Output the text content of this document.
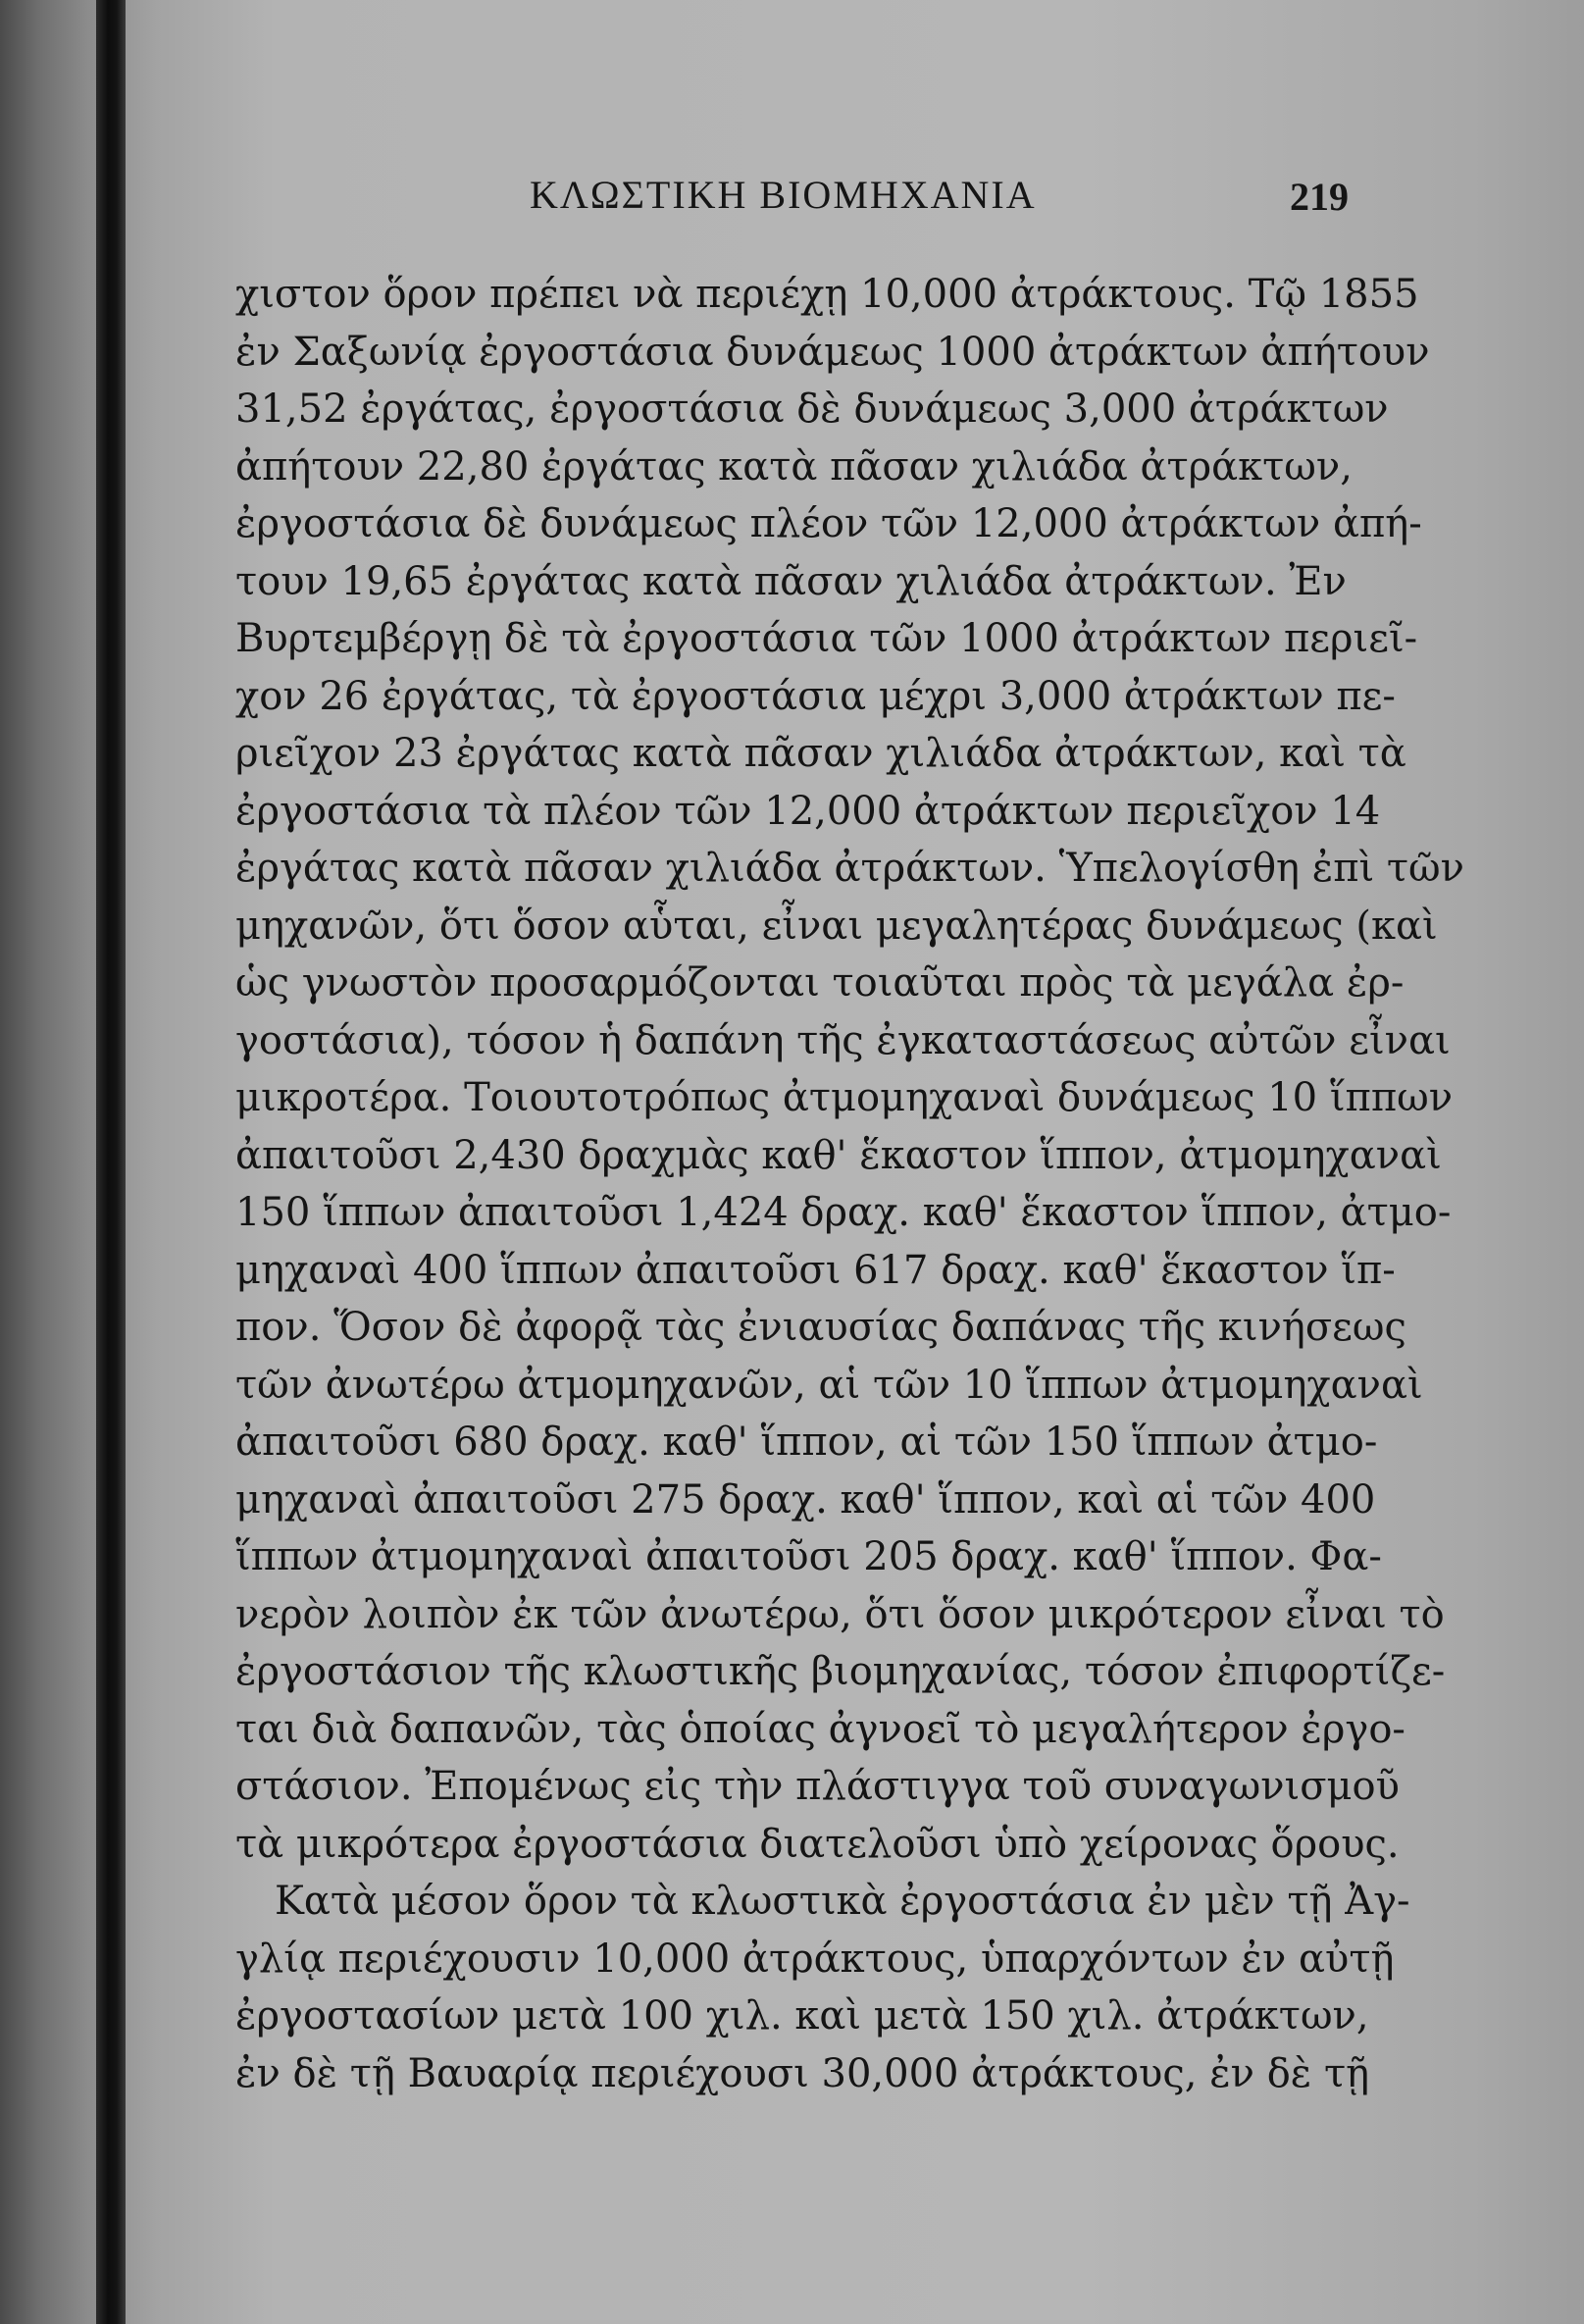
ΚΛΩΣΤΙΚΗ ΒΙΟΜΗΧΑΝΙΑ	219
χιστον ὅρον πρέπει νὰ περιέχῃ 10,000 ἀτράκτους. Τῷ 1855
ἐν Σαξωνίᾳ ἐργοστάσια δυνάμεως 1000 ἀτράκτων ἀπήτουν
31,52 ἐργάτας, ἐργοστάσια δὲ δυνάμεως 3,000 ἀτράκτων
ἀπήτουν 22,80 ἐργάτας κατὰ πᾶσαν χιλιάδα ἀτράκτων,
ἐργοστάσια δὲ δυνάμεως πλέον τῶν 12,000 ἀτράκτων ἀπή-
τουν 19,65 ἐργάτας κατὰ πᾶσαν χιλιάδα ἀτράκτων. Ἐν
Βυρτεμβέργῃ δὲ τὰ ἐργοστάσια τῶν 1000 ἀτράκτων περιεῖ-
χον 26 ἐργάτας, τὰ ἐργοστάσια μέχρι 3,000 ἀτράκτων πε-
ριεῖχον 23 ἐργάτας κατὰ πᾶσαν χιλιάδα ἀτράκτων, καὶ τὰ
ἐργοστάσια τὰ πλέον τῶν 12,000 ἀτράκτων περιεῖχον 14
ἐργάτας κατὰ πᾶσαν χιλιάδα ἀτράκτων. Ὑπελογίσθη ἐπὶ τῶν
μηχανῶν, ὅτι ὅσον αὗται, εἶναι μεγαλητέρας δυνάμεως (καὶ
ὡς γνωστὸν προσαρμόζονται τοιαῦται πρὸς τὰ μεγάλα ἐρ-
γοστάσια), τόσον ἡ δαπάνη τῆς ἐγκαταστάσεως αὐτῶν εἶναι
μικροτέρα. Τοιουτοτρόπως ἀτμομηχαναὶ δυνάμεως 10 ἵππων
ἀπαιτοῦσι 2,430 δραχμὰς καθ' ἕκαστον ἵππον, ἀτμομηχαναὶ
150 ἵππων ἀπαιτοῦσι 1,424 δραχ. καθ' ἕκαστον ἵππον, ἀτμο-
μηχαναὶ 400 ἵππων ἀπαιτοῦσι 617 δραχ. καθ' ἕκαστον ἵπ-
πον. Ὅσον δὲ ἀφορᾷ τὰς ἐνιαυσίας δαπάνας τῆς κινήσεως
τῶν ἀνωτέρω ἀτμομηχανῶν, αἱ τῶν 10 ἵππων ἀτμομηχαναὶ
ἀπαιτοῦσι 680 δραχ. καθ' ἵππον, αἱ τῶν 150 ἵππων ἀτμο-
μηχαναὶ ἀπαιτοῦσι 275 δραχ. καθ' ἵππον, καὶ αἱ τῶν 400
ἵππων ἀτμομηχαναὶ ἀπαιτοῦσι 205 δραχ. καθ' ἵππον. Φα-
νερὸν λοιπὸν ἐκ τῶν ἀνωτέρω, ὅτι ὅσον μικρότερον εἶναι τὸ
ἐργοστάσιον τῆς κλωστικῆς βιομηχανίας, τόσον ἐπιφορτίζε-
ται διὰ δαπανῶν, τὰς ὁποίας ἀγνοεῖ τὸ μεγαλήτερον ἐργο-
στάσιον. Ἐπομένως εἰς τὴν πλάστιγγα τοῦ συναγωνισμοῦ
τὰ μικρότερα ἐργοστάσια διατελοῦσι ὑπὸ χείρονας ὅρους.
Κατὰ μέσον ὅρον τὰ κλωστικὰ ἐργοστάσια ἐν μὲν τῇ Ἀγ-
γλίᾳ περιέχουσιν 10,000 ἀτράκτους, ὑπαρχόντων ἐν αὐτῇ
ἐργοστασίων μετὰ 100 χιλ. καὶ μετὰ 150 χιλ. ἀτράκτων,
ἐν δὲ τῇ Βαυαρίᾳ περιέχουσι 30,000 ἀτράκτους, ἐν δὲ τῇ
